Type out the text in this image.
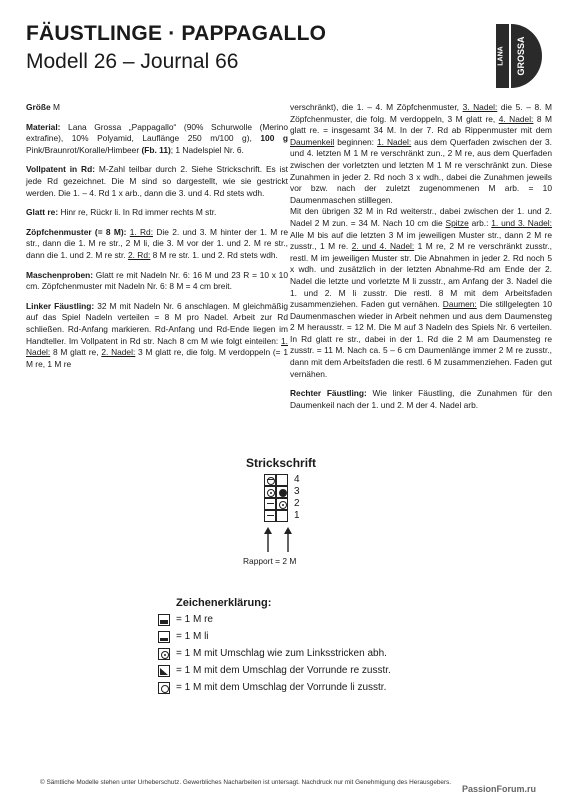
FÄUSTLINGE · PAPPAGALLO
Modell 26 – Journal 66	LANA GROSSA

Größe M

Material: Lana Grossa „Pappagallo“ (90% Schurwolle (Merino extrafine), 10% Polyamid, Lauflänge 250 m/100 g), 100 g Pink/Braunrot/Koralle/Himbeer (Fb. 11); 1 Nadelspiel Nr. 6.

Vollpatent in Rd: M-Zahl teilbar durch 2. Siehe Strickschrift. Es ist jede Rd gezeichnet. Die M sind so dargestellt, wie sie gestrickt werden. Die 1. – 4. Rd 1 x arb., dann die 3. und 4. Rd stets wdh.

Glatt re: Hinr re, Rückr li. In Rd immer rechts M str.

Zöpfchenmuster (= 8 M): 1. Rd: Die 2. und 3. M hinter der 1. M re str., dann die 1. M re str., 2 M li, die 3. M vor der 1. und 2. M re str., dann die 1. und 2. M re str. 2. Rd: 8 M re str. 1. und 2. Rd stets wdh.

Maschenproben: Glatt re mit Nadeln Nr. 6: 16 M und 23 R = 10 x 10 cm. Zöpfchenmuster mit Nadeln Nr. 6: 8 M = 4 cm breit.

Linker Fäustling: 32 M mit Nadeln Nr. 6 anschlagen. M gleichmäßig auf das Spiel Nadeln verteilen = 8 M pro Nadel. Arbeit zur Rd schließen. Rd-Anfang markieren. Rd-Anfang und Rd-Ende liegen im Handteller. Im Vollpatent in Rd str. Nach 8 cm M wie folgt einteilen: 1. Nadel: 8 M glatt re, 2. Nadel: 3 M glatt re, die folg. M verdoppeln (= 1 M re, 1 M re

verschränkt), die 1. – 4. M Zöpfchenmuster, 3. Nadel: die 5. – 8. M Zöpfchenmuster, die folg. M verdoppeln, 3 M glatt re, 4. Nadel: 8 M glatt re. = insgesamt 34 M. In der 7. Rd ab Rippenmuster mit dem Daumenkeil beginnen: 1. Nadel: aus dem Querfaden zwischen der 3. und 4. letzten M 1 M re verschränkt zun., 2 M re, aus dem Querfaden zwischen der vorletzten und letzten M 1 M re verschränkt zun. Diese Zunahmen in jeder 2. Rd noch 3 x wdh., dabei die Zunahmen jeweils vor bzw. nach der zuletzt zugenommenen M arb. = 10 Daumenmaschen stilllegen.

Mit den übrigen 32 M in Rd weiterstr., dabei zwischen der 1. und 2. Nadel 2 M zun. = 34 M. Nach 10 cm die Spitze arb.: 1. und 3. Nadel: Alle M bis auf die letzten 3 M im jeweiligen Muster str., dann 2 M re zusstr., 1 M re. 2. und 4. Nadel: 1 M re, 2 M re verschränkt zusstr., restl. M im jeweiligen Muster str. Die Abnahmen in jeder 2. Rd noch 5 x wdh. und zusätzlich in der letzten Abnahme-Rd am Ende der 2. Nadel die letzte und vorletzte M li zusstr., am Anfang der 3. Nadel die 1. und 2. M li zusstr. Die restl. 8 M mit dem Arbeitsfaden zusammenziehen. Faden gut vernähen. Daumen: Die stillgelegten 10 Daumenmaschen wieder in Arbeit nehmen und aus dem Daumensteg 2 M herausstr. = 12 M. Die M auf 3 Nadeln des Spiels Nr. 6 verteilen. In Rd glatt re str., dabei in der 1. Rd die 2 M am Daumensteg re zusstr. = 11 M. Nach ca. 5 – 6 cm Daumenlänge immer 2 M re zusstr., dann mit dem Arbeitsfaden die restl. 6 M zusammenziehen. Faden gut vernähen.

Rechter Fäustling: Wie linker Fäustling, die Zunahmen für den Daumenkeil nach der 1. und 2. M der 4. Nadel arb.

Strickschrift
4
3
2
1
Rapport = 2 M
Zeichenerklärung:
= 1 M re
= 1 M li
= 1 M mit Umschlag wie zum Linksstricken abh.
= 1 M mit dem Umschlag der Vorrunde re zusstr.
= 1 M mit dem Umschlag der Vorrunde li zusstr.
© Sämtliche Modelle stehen unter Urheberschutz. Gewerbliches Nacharbeiten ist untersagt. Nachdruck nur mit Genehmigung des Herausgebers.
PassionForum.ru
